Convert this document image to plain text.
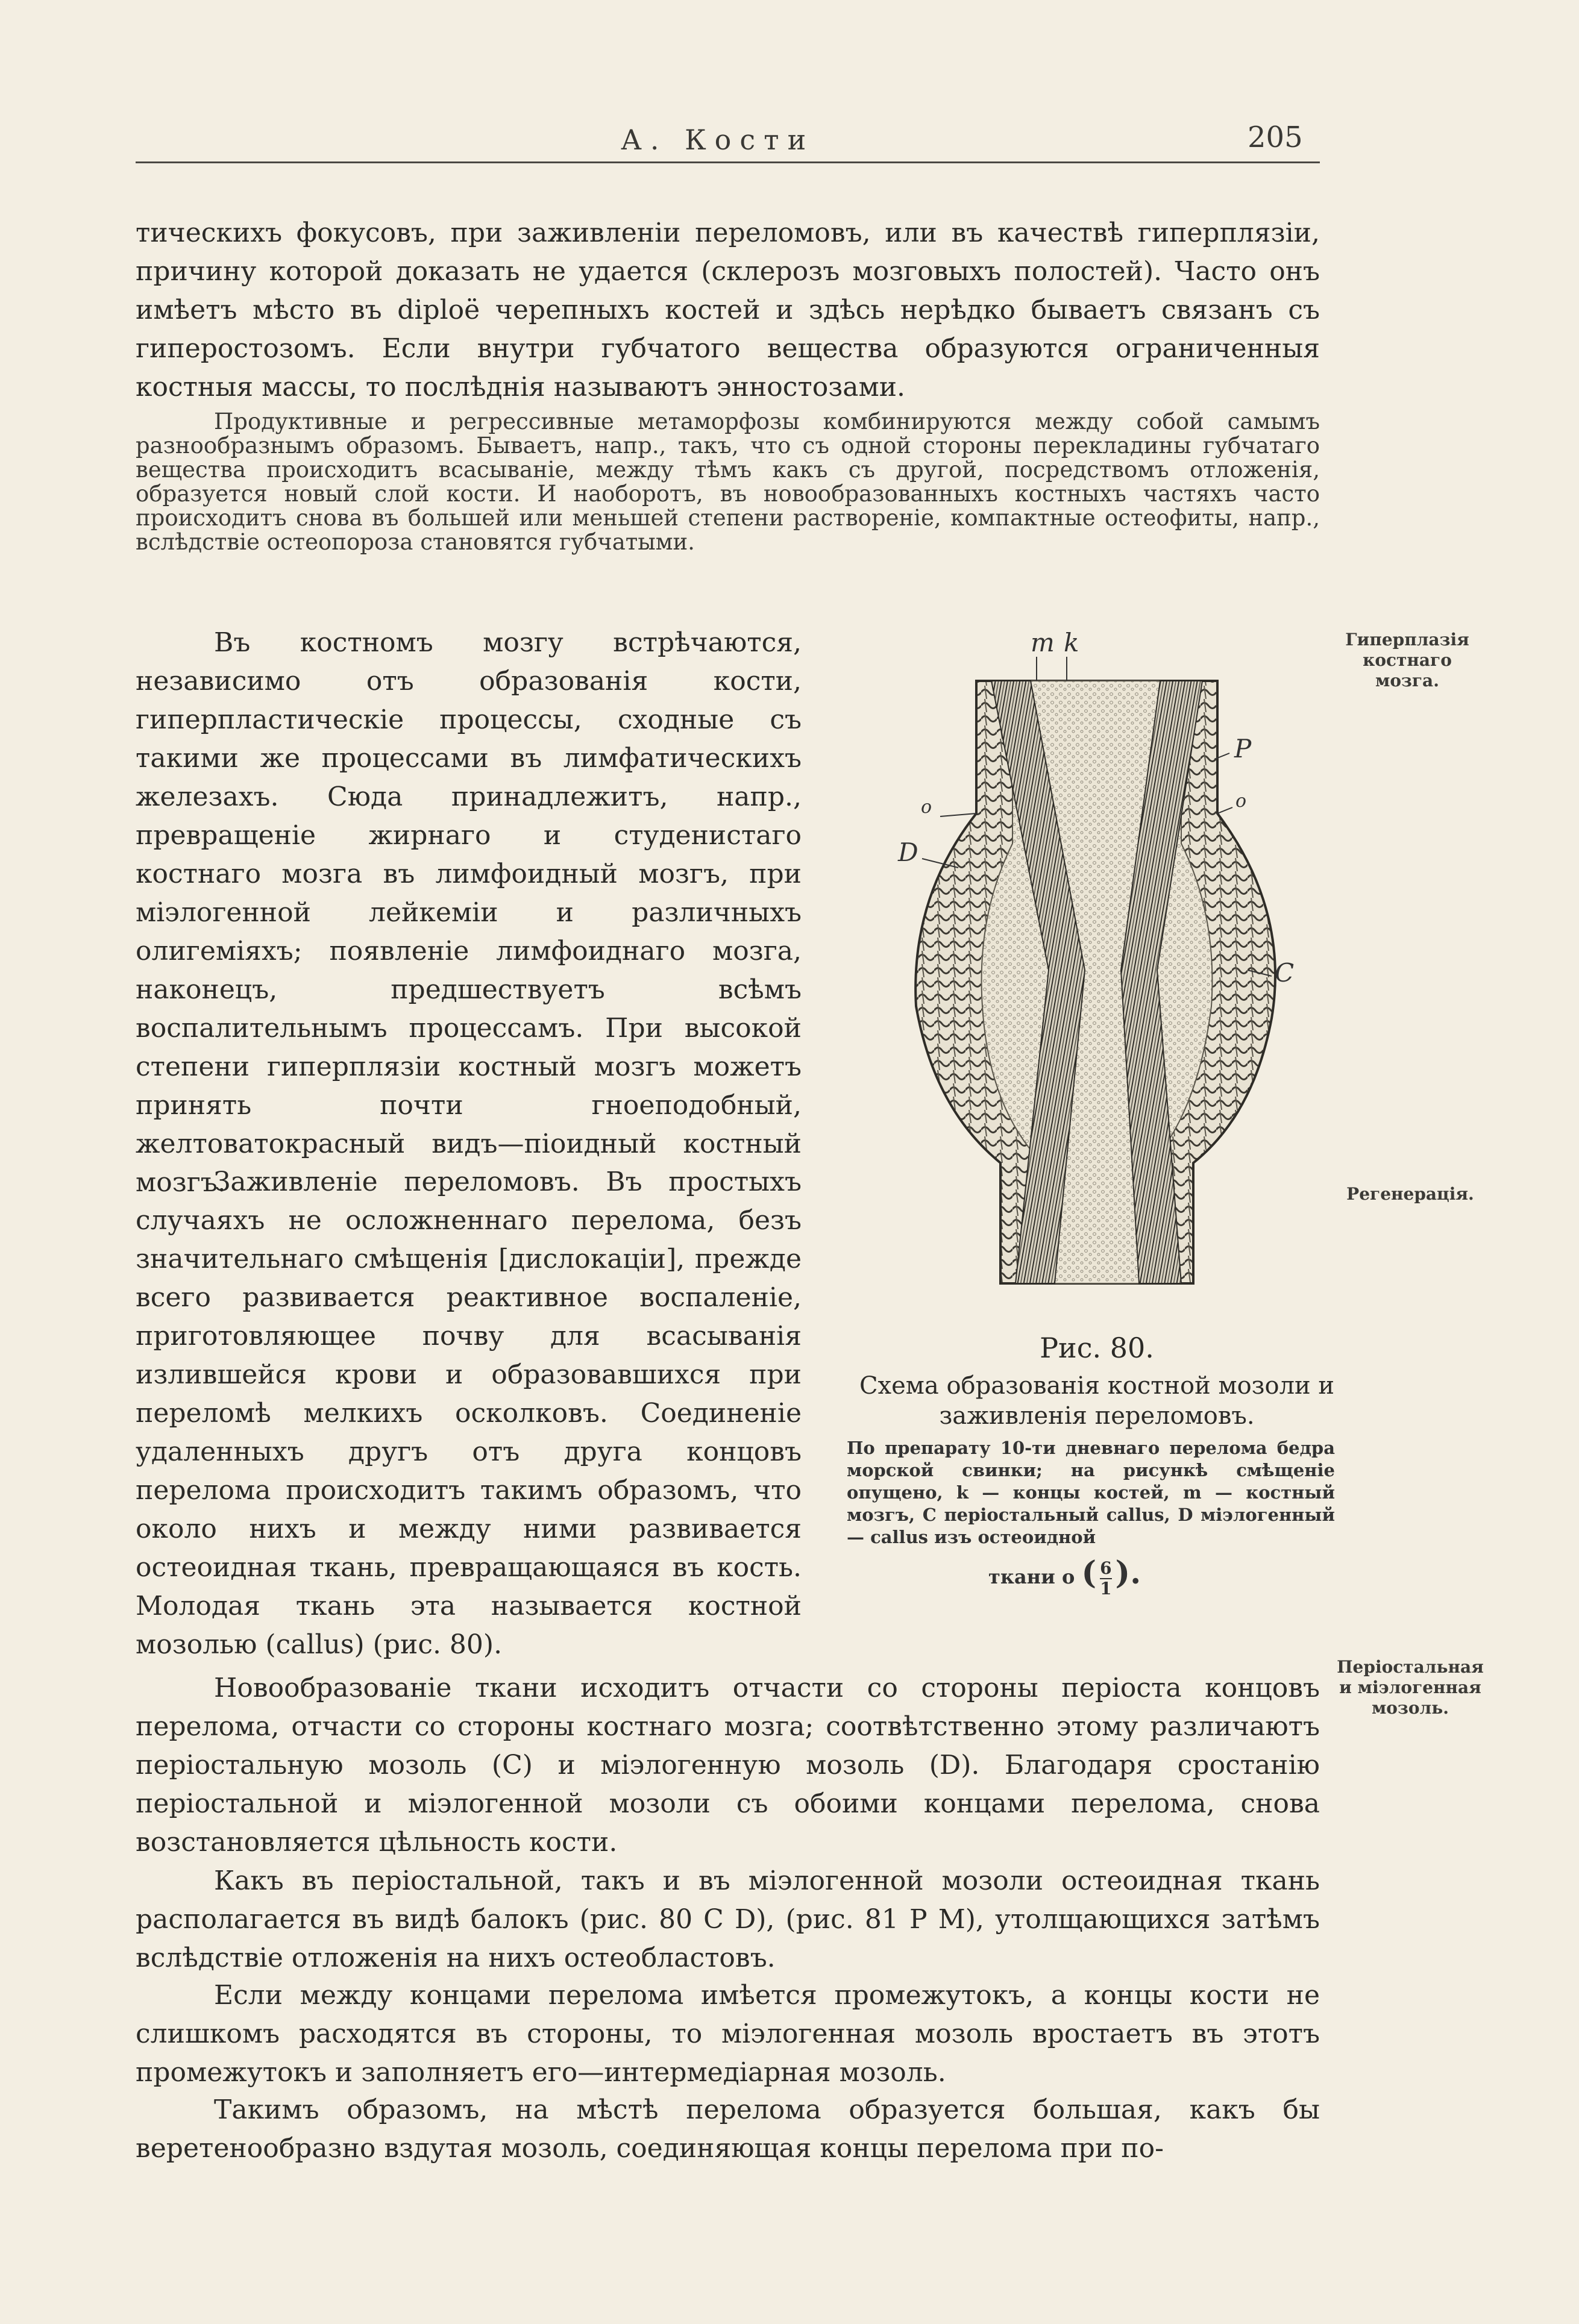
А. Кости	205

тическихъ фокусовъ, при заживленіи переломовъ, или въ качествѣ гиперплязіи, причину которой доказать не удается (склерозъ мозговыхъ полостей). Часто онъ имѣетъ мѣсто въ diploë черепныхъ костей и здѣсь нерѣдко бываетъ связанъ съ гиперостозомъ. Если внутри губчатого вещества образуются ограниченныя костныя массы, то послѣднія называютъ энностозами.

Продуктивные и регрессивные метаморфозы комбинируются между собой самымъ разнообразнымъ образомъ. Бываетъ, напр., такъ, что съ одной стороны перекладины губчатаго вещества происходитъ всасываніе, между тѣмъ какъ съ другой, посредствомъ отложенія, образуется новый слой кости. И наоборотъ, въ новообразованныхъ костныхъ частяхъ часто происходитъ снова въ большей или меньшей степени раствореніе, компактные остеофиты, напр., вслѣдствіе остеопороза становятся губчатыми.

Въ костномъ мозгу встрѣчаются, независимо отъ образованія кости, гиперпластическіе процессы, сходные съ такими же процессами въ лимфатическихъ железахъ. Сюда принадлежитъ, напр., превращеніе жирнаго и студенистаго костнаго мозга въ лимфоидный мозгъ, при міэлогенной лейкеміи и различныхъ олигеміяхъ; появленіе лимфоиднаго мозга, наконецъ, предшествуетъ всѣмъ воспалительнымъ процессамъ. При высокой степени гиперплязіи костный мозгъ можетъ принять почти гноеподобный, желтоватокрасный видъ—піоидный костный мозгъ.

Заживленіе переломовъ. Въ простыхъ случаяхъ не осложненнаго перелома, безъ значительнаго смѣщенія [дислокаціи], прежде всего развивается реактивное воспаленіе, приготовляющее почву для всасыванія излившейся крови и образовавшихся при переломѣ мелкихъ осколковъ. Соединеніе удаленныхъ другъ отъ друга концовъ перелома происходитъ такимъ образомъ, что около нихъ и между ними развивается остеоидная ткань, превращающаяся въ кость. Молодая ткань эта называется костной мозолью (callus) (рис. 80).

Новообразованіе ткани исходитъ отчасти со стороны періоста концовъ перелома, отчасти со стороны костнаго мозга; соотвѣтственно этому различаютъ періостальную мозоль (C) и міэлогенную мозоль (D). Благодаря сростанію періостальной и міэлогенной мозоли съ обоими концами перелома, снова возстановляется цѣльность кости.

Какъ въ періостальной, такъ и въ міэлогенной мозоли остеоидная ткань располагается въ видѣ балокъ (рис. 80 C D), (рис. 81 P M), утолщающихся затѣмъ вслѣдствіе отложенія на нихъ остеобластовъ.

Если между концами перелома имѣется промежутокъ, а концы кости не слишкомъ расходятся въ стороны, то міэлогенная мозоль вростаетъ въ этотъ промежутокъ и заполняетъ его—интермедіарная мозоль.

Такимъ образомъ, на мѣстѣ перелома образуется большая, какъ бы веретенообразно вздутая мозоль, соединяющая концы перелома при по-

Гиперплазія костнаго мозга.

Регенерація.

Періостальная и міэлогенная мозоль.

m k
P
o	o
D
C

Рис. 80.

Схема образованія костной мозоли и заживленія переломовъ.

По препарату 10-ти дневнаго перелома бедра морской свинки; на рисункѣ смѣщеніе опущено, k — концы костей, m — костный мозгъ, C періостальный callus, D міэлогенный — callus изъ остеоидной

ткани o ( $\frac{6}{1}$ ).
